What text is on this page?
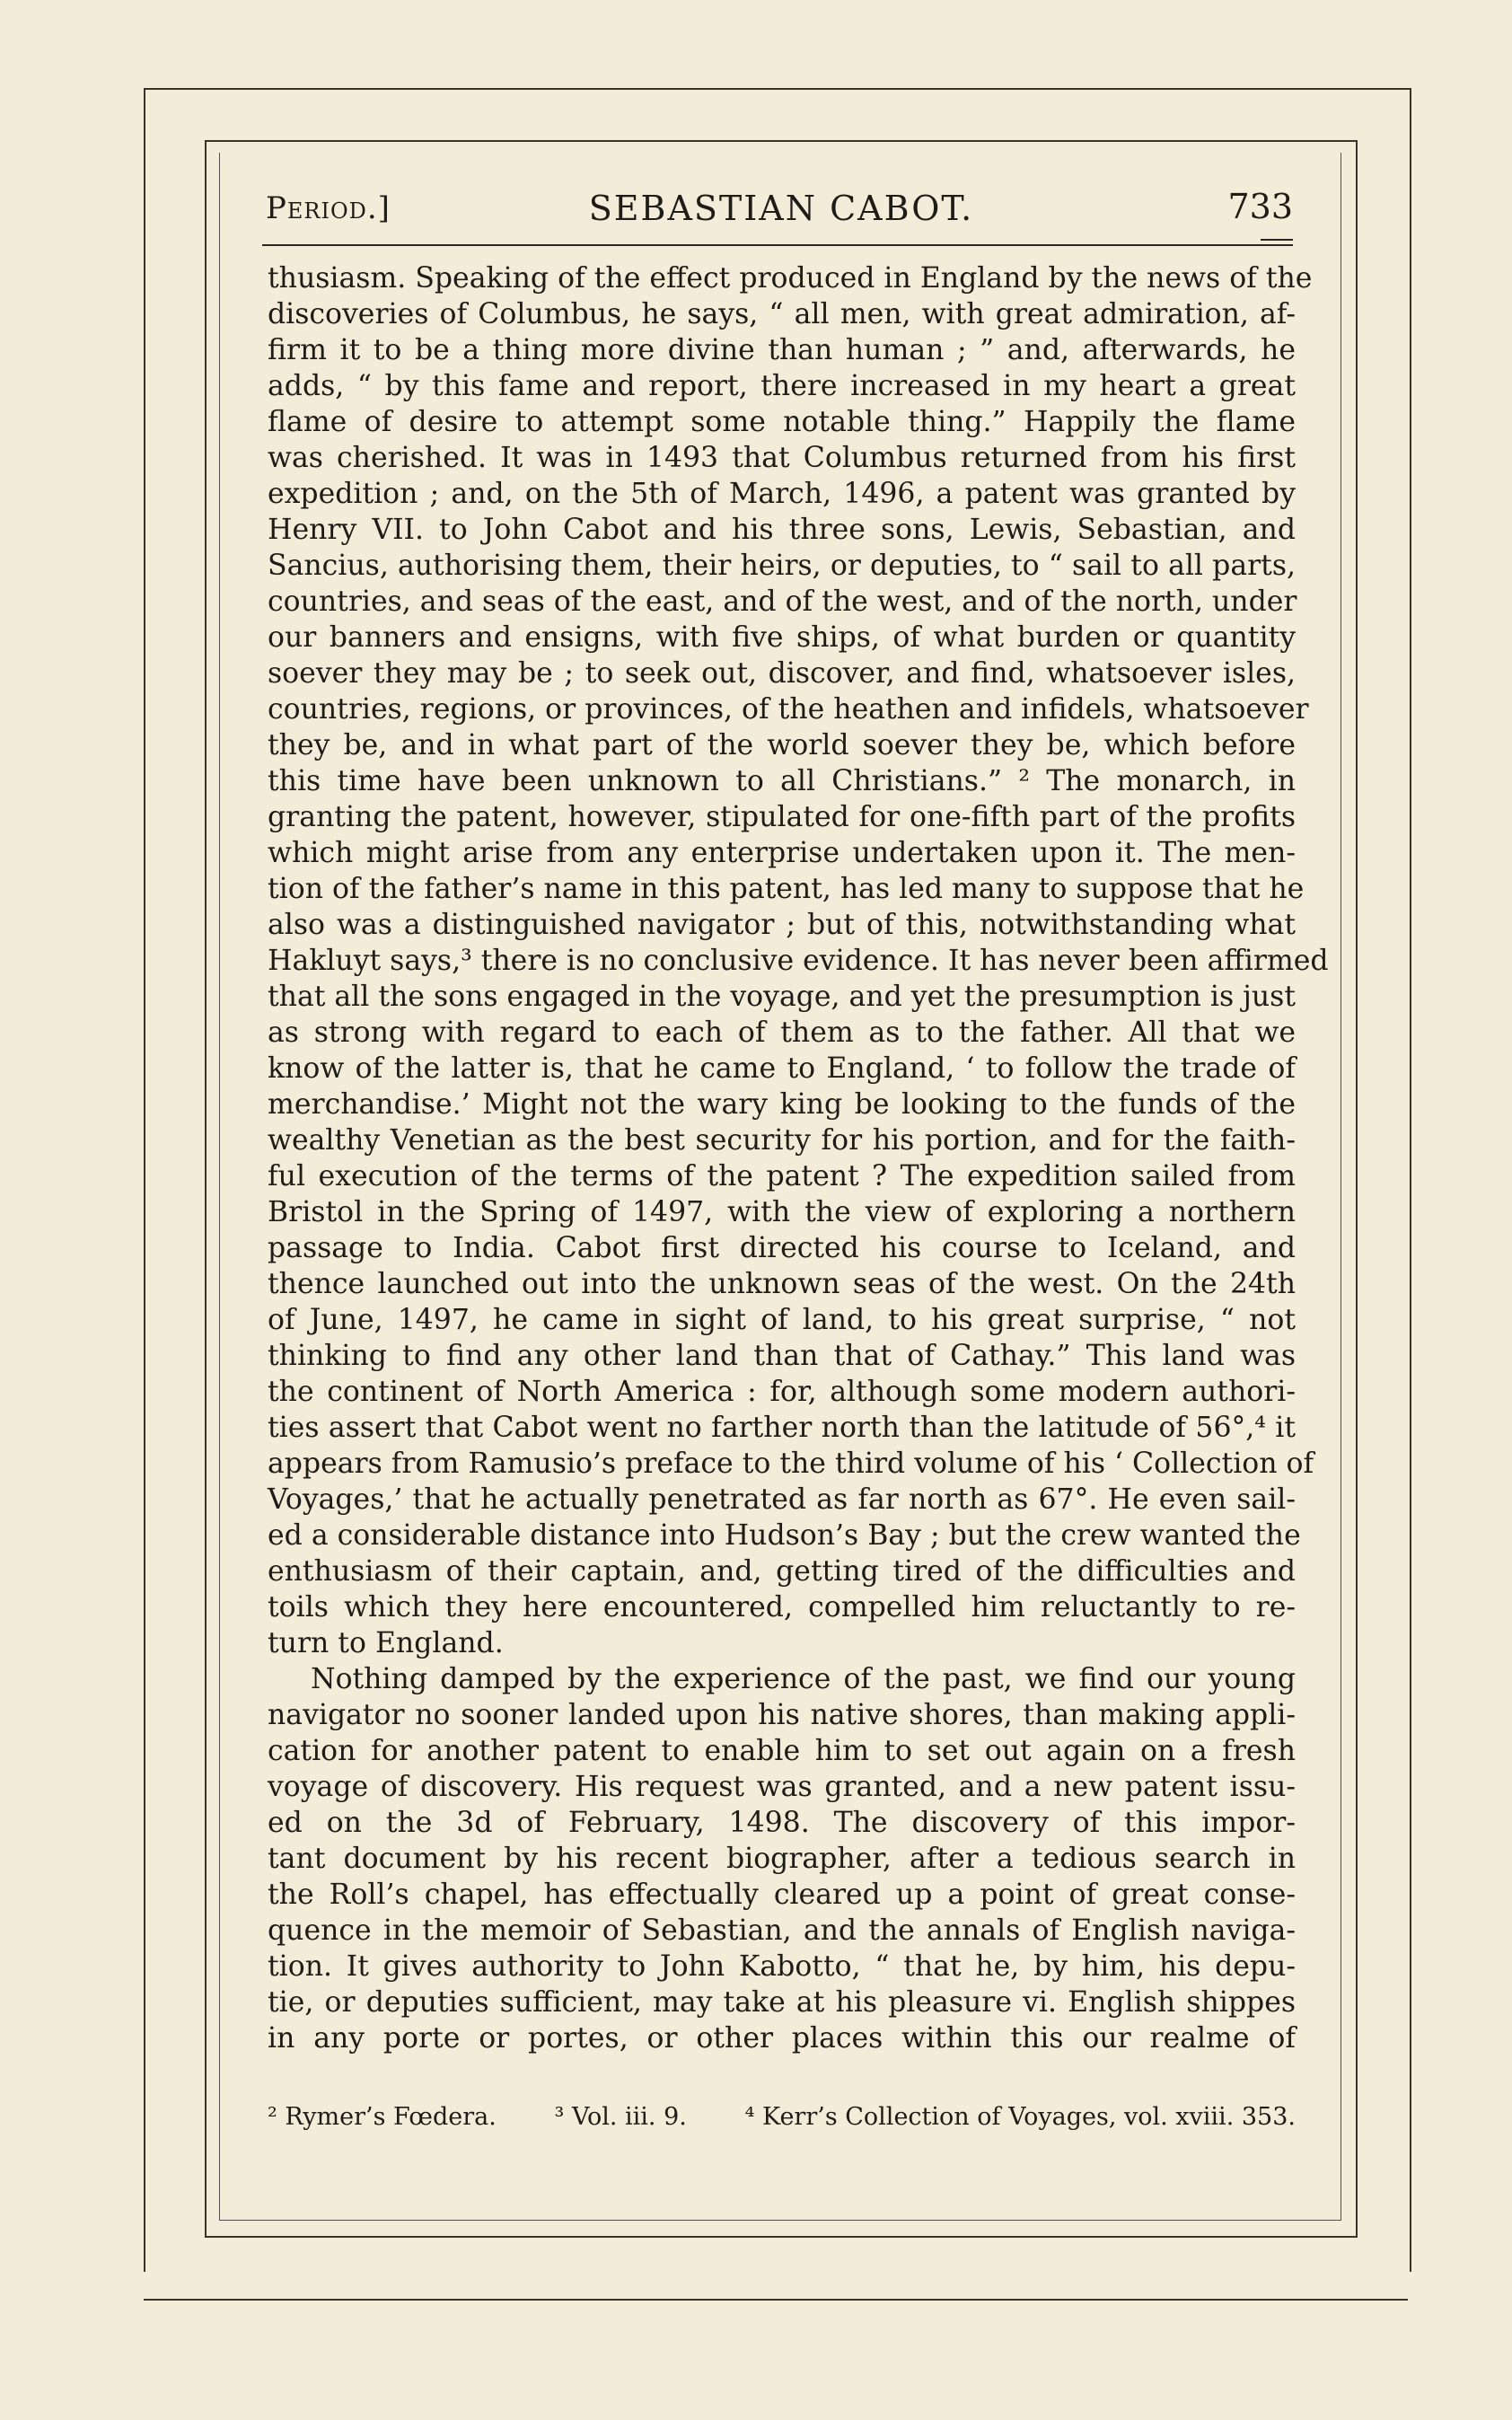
Period.]	SEBASTIAN CABOT.	733
thusiasm. Speaking of the effect produced in England by the news of the
discoveries of Columbus, he says, “ all men, with great admiration, af-
firm it to be a thing more divine than human ; ” and, afterwards, he
adds, “ by this fame and report, there increased in my heart a great
flame of desire to attempt some notable thing.” Happily the flame
was cherished. It was in 1493 that Columbus returned from his first
expedition ; and, on the 5th of March, 1496, a patent was granted by
Henry VII. to John Cabot and his three sons, Lewis, Sebastian, and
Sancius, authorising them, their heirs, or deputies, to “ sail to all parts,
countries, and seas of the east, and of the west, and of the north, under
our banners and ensigns, with five ships, of what burden or quantity
soever they may be ; to seek out, discover, and find, whatsoever isles,
countries, regions, or provinces, of the heathen and infidels, whatsoever
they be, and in what part of the world soever they be, which before
this time have been unknown to all Christians.” ² The monarch, in
granting the patent, however, stipulated for one-fifth part of the profits
which might arise from any enterprise undertaken upon it. The men-
tion of the father’s name in this patent, has led many to suppose that he
also was a distinguished navigator ; but of this, notwithstanding what
Hakluyt says,³ there is no conclusive evidence. It has never been affirmed
that all the sons engaged in the voyage, and yet the presumption is just
as strong with regard to each of them as to the father. All that we
know of the latter is, that he came to England, ‘ to follow the trade of
merchandise.’ Might not the wary king be looking to the funds of the
wealthy Venetian as the best security for his portion, and for the faith-
ful execution of the terms of the patent ? The expedition sailed from
Bristol in the Spring of 1497, with the view of exploring a northern
passage to India. Cabot first directed his course to Iceland, and
thence launched out into the unknown seas of the west. On the 24th
of June, 1497, he came in sight of land, to his great surprise, “ not
thinking to find any other land than that of Cathay.” This land was
the continent of North America : for, although some modern authori-
ties assert that Cabot went no farther north than the latitude of 56°,⁴ it
appears from Ramusio’s preface to the third volume of his ‘ Collection of
Voyages,’ that he actually penetrated as far north as 67°. He even sail-
ed a considerable distance into Hudson’s Bay ; but the crew wanted the
enthusiasm of their captain, and, getting tired of the difficulties and
toils which they here encountered, compelled him reluctantly to re-
turn to England.
Nothing damped by the experience of the past, we find our young
navigator no sooner landed upon his native shores, than making appli-
cation for another patent to enable him to set out again on a fresh
voyage of discovery. His request was granted, and a new patent issu-
ed on the 3d of February, 1498. The discovery of this impor-
tant document by his recent biographer, after a tedious search in
the Roll’s chapel, has effectually cleared up a point of great conse-
quence in the memoir of Sebastian, and the annals of English naviga-
tion. It gives authority to John Kabotto, “ that he, by him, his depu-
tie, or deputies sufficient, may take at his pleasure vi. English shippes
in any porte or portes, or other places within this our realme of
² Rymer’s Fœdera. ³ Vol. iii. 9. ⁴ Kerr’s Collection of Voyages, vol. xviii. 353.
